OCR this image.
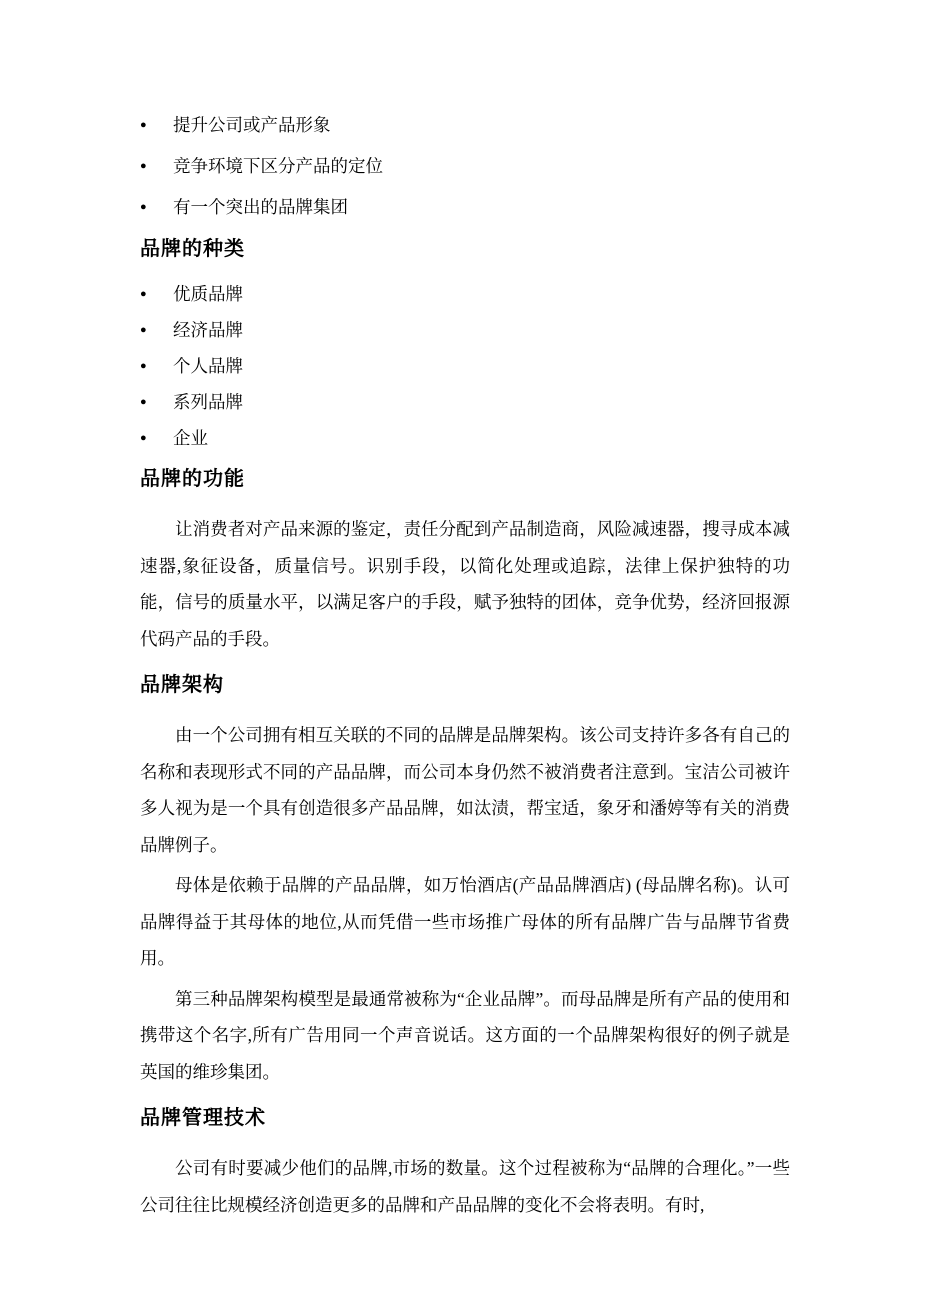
●	提升公司或产品形象
●	竞争环境下区分产品的定位
●	有一个突出的品牌集团
品牌的种类
●	优质品牌
●	经济品牌
●	个人品牌
●	系列品牌
●	企业
品牌的功能

让消费者对产品来源的鉴定，责任分配到产品制造商，风险减速器，搜寻成本减速器,象征设备，质量信号。识别手段，以简化处理或追踪，法律上保护独特的功能，信号的质量水平，以满足客户的手段，赋予独特的团体，竞争优势，经济回报源代码产品的手段。

品牌架构

由一个公司拥有相互关联的不同的品牌是品牌架构。该公司支持许多各有自己的名称和表现形式不同的产品品牌，而公司本身仍然不被消费者注意到。宝洁公司被许多人视为是一个具有创造很多产品品牌，如汰渍，帮宝适，象牙和潘婷等有关的消费品牌例子。

母体是依赖于品牌的产品品牌，如万怡酒店(产品品牌酒店) (母品牌名称)。认可品牌得益于其母体的地位,从而凭借一些市场推广母体的所有品牌广告与品牌节省费用。

第三种品牌架构模型是最通常被称为“企业品牌”。而母品牌是所有产品的使用和携带这个名字,所有广告用同一个声音说话。这方面的一个品牌架构很好的例子就是英国的维珍集团。

品牌管理技术

公司有时要减少他们的品牌,市场的数量。这个过程被称为“品牌的合理化。”一些公司往往比规模经济创造更多的品牌和产品品牌的变化不会将表明。有时,
